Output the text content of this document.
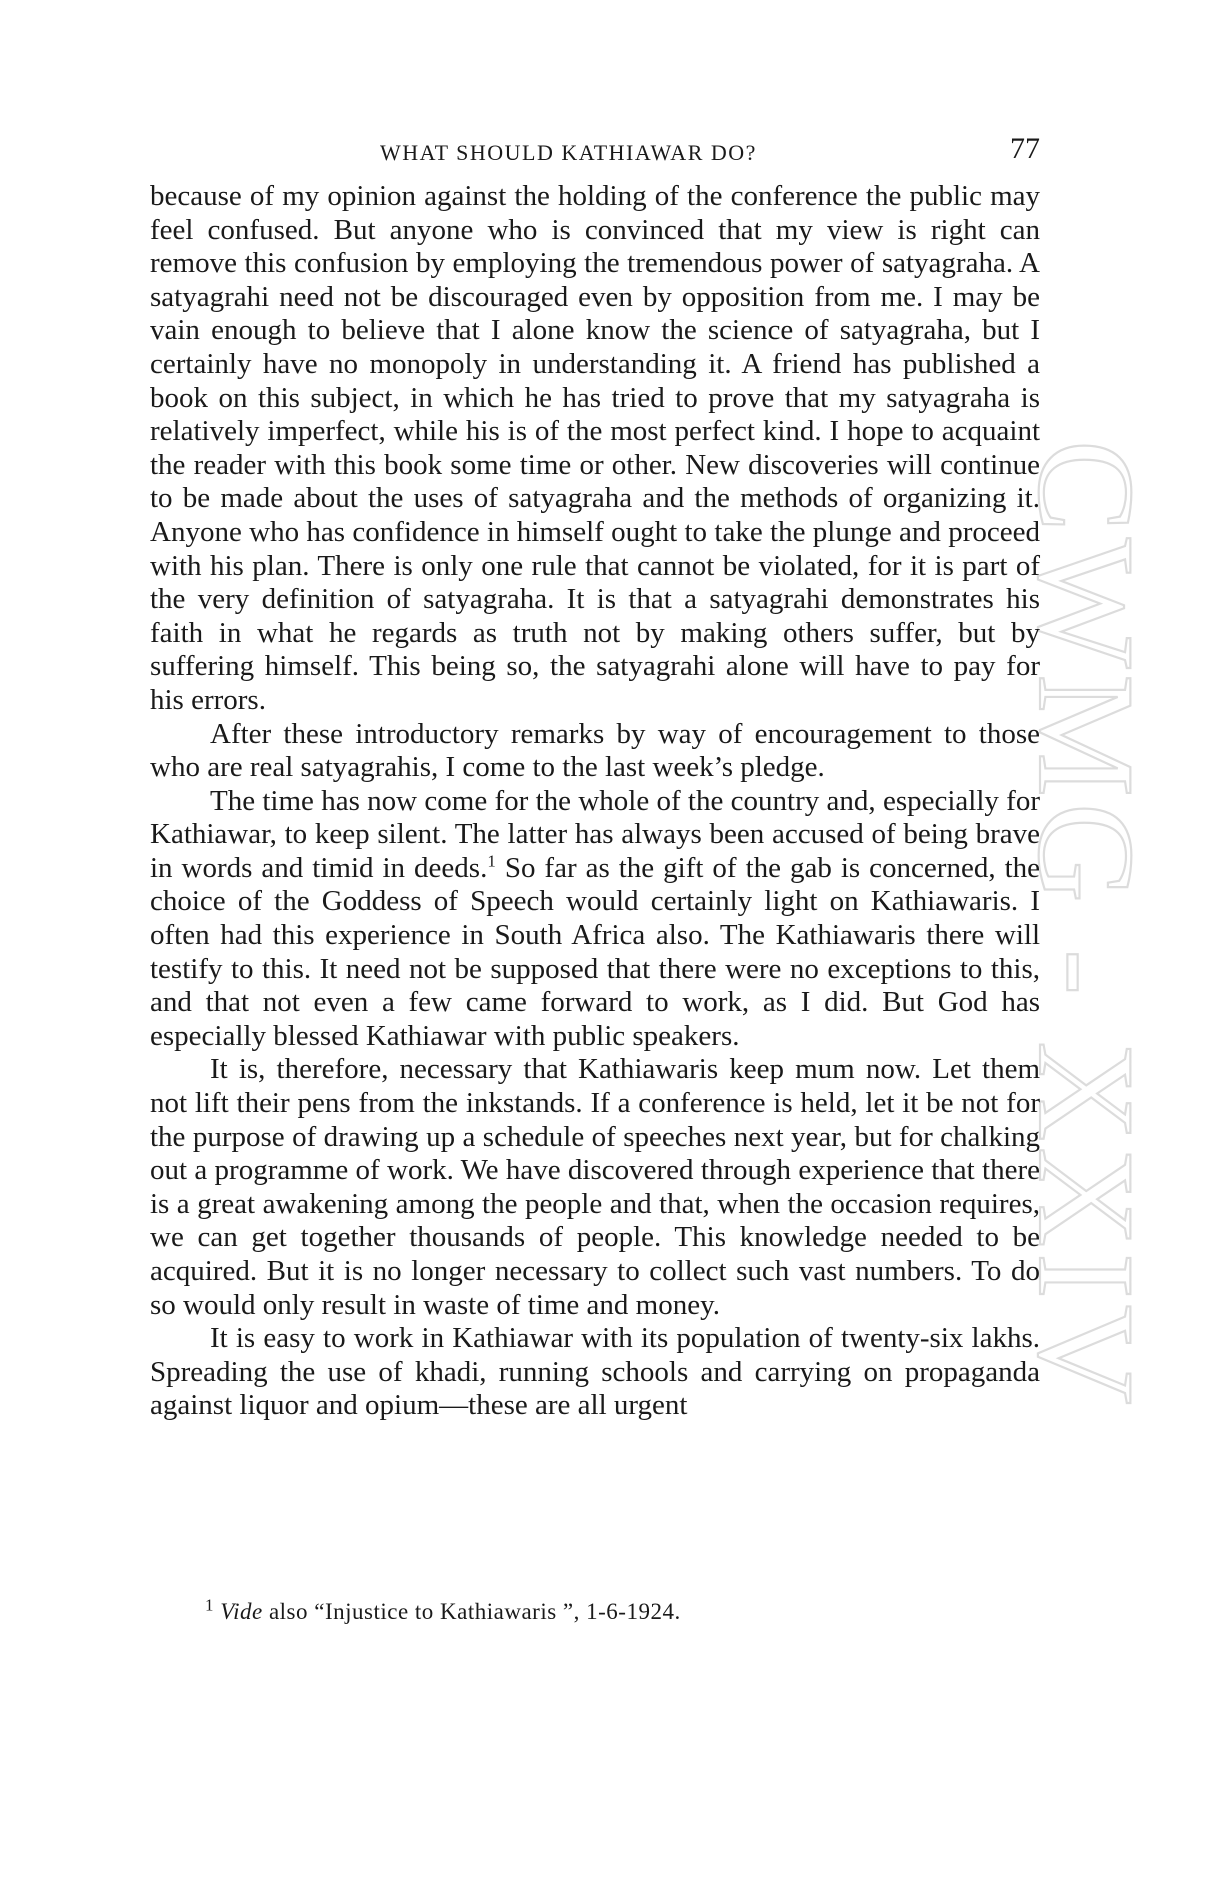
CWMG - XXIV
WHAT SHOULD KATHIAWAR DO?	77

because of my opinion against the holding of the conference the public may feel confused. But anyone who is convinced that my view is right can remove this confusion by employing the tremendous power of satyagraha. A satyagrahi need not be discouraged even by opposition from me. I may be vain enough to believe that I alone know the science of satyagraha, but I certainly have no monopoly in understanding it. A friend has published a book on this subject, in which he has tried to prove that my satyagraha is relatively imperfect, while his is of the most perfect kind. I hope to acquaint the reader with this book some time or other. New discoveries will continue to be made about the uses of satyagraha and the methods of organizing it. Anyone who has confidence in himself ought to take the plunge and proceed with his plan. There is only one rule that cannot be violated, for it is part of the very definition of satyagraha. It is that a satyagrahi demonstrates his faith in what he regards as truth not by making others suffer, but by suffering himself. This being so, the satyagrahi alone will have to pay for his errors.

After these introductory remarks by way of encouragement to those who are real satyagrahis, I come to the last week’s pledge.

The time has now come for the whole of the country and, especially for Kathiawar, to keep silent. The latter has always been accused of being brave in words and timid in deeds.$^1$ So far as the gift of the gab is concerned, the choice of the Goddess of Speech would certainly light on Kathiawaris. I often had this experience in South Africa also. The Kathiawaris there will testify to this. It need not be supposed that there were no exceptions to this, and that not even a few came forward to work, as I did. But God has especially blessed Kathiawar with public speakers.

It is, therefore, necessary that Kathiawaris keep mum now. Let them not lift their pens from the inkstands. If a conference is held, let it be not for the purpose of drawing up a schedule of speeches next year, but for chalking out a programme of work. We have discovered through experience that there is a great awakening among the people and that, when the occasion requires, we can get together thousands of people. This knowledge needed to be acquired. But it is no longer necessary to collect such vast numbers. To do so would only result in waste of time and money.

It is easy to work in Kathiawar with its population of twenty-six lakhs. Spreading the use of khadi, running schools and carrying on propaganda against liquor and opium—these are all urgent

$^1$ Vide also “Injustice to Kathiawaris ”, 1-6-1924.
